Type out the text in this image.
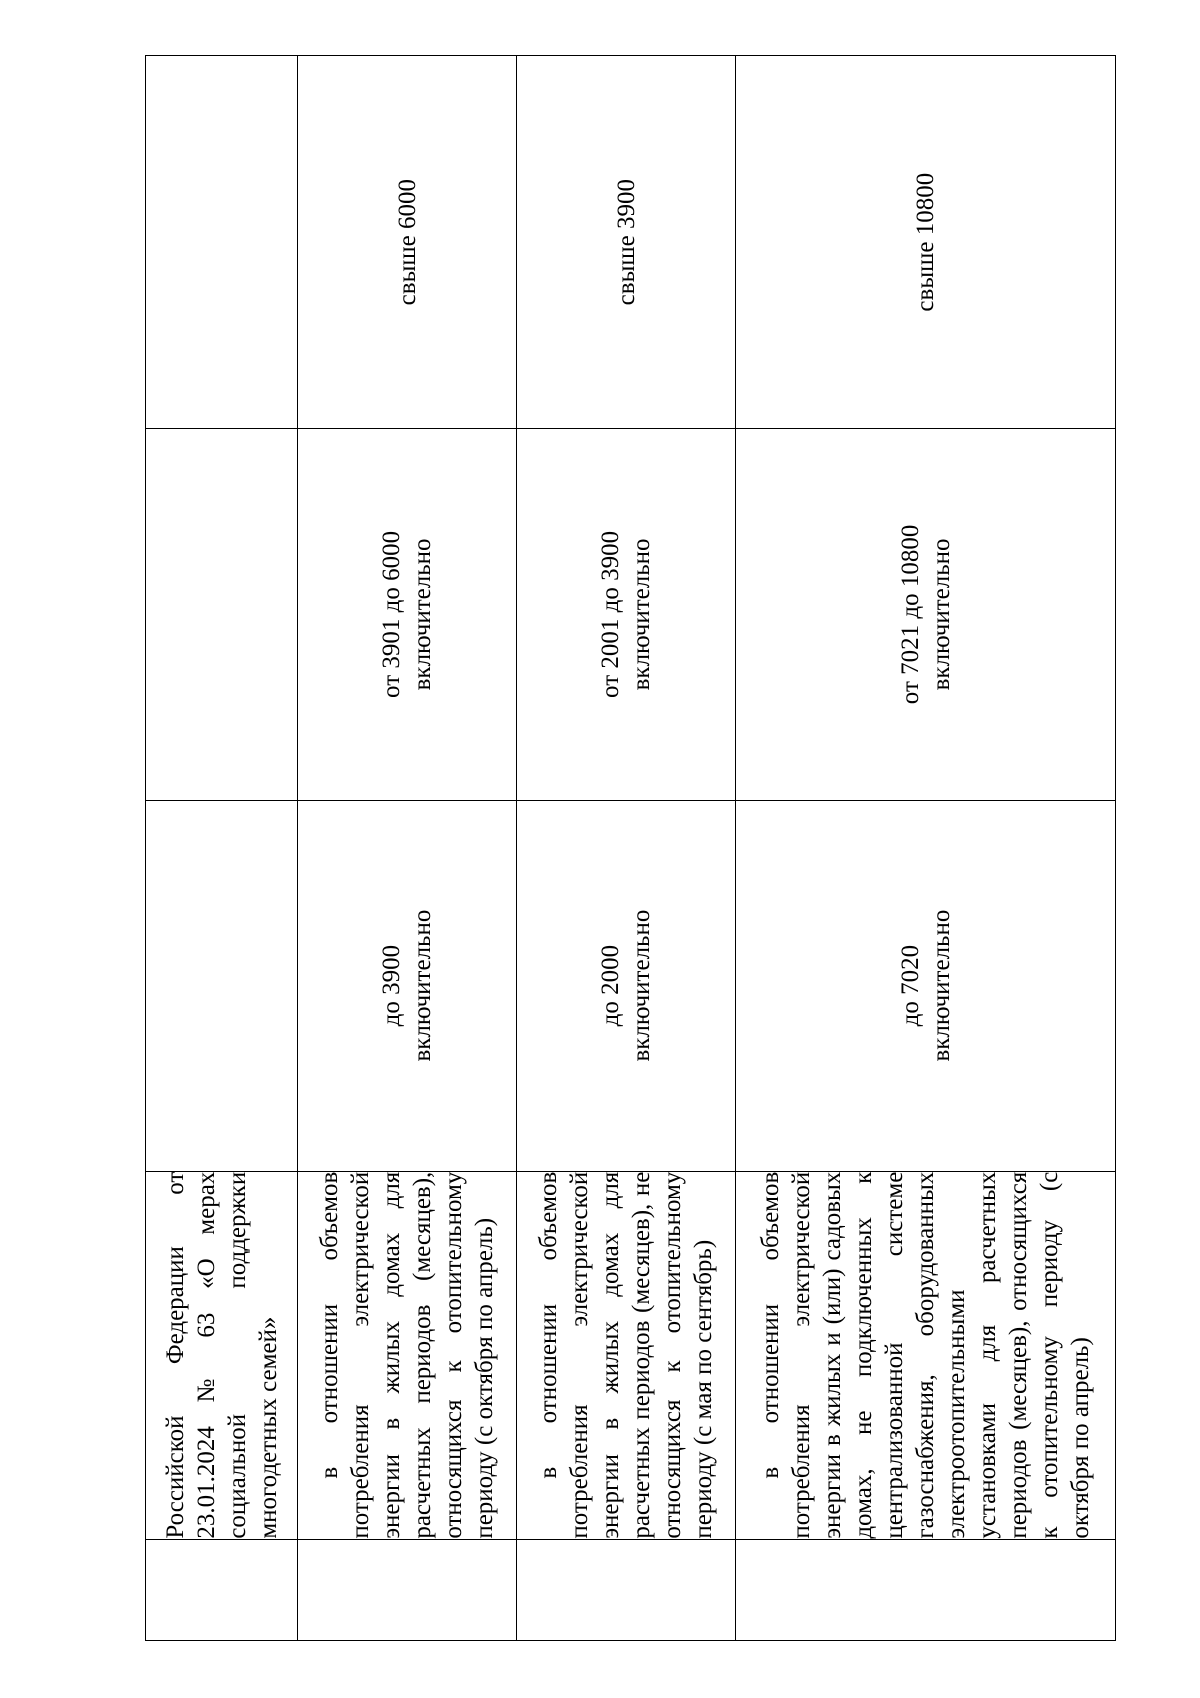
	Российской Федерации от 23.01.2024 № 63 «О мерах социальной поддержки многодетных семей»			

	в отношении объемов потребления электрической энергии в жилых домах для расчетных периодов (месяцев), относящихся к отопительному периоду (с октября по апрель)	до 3900 включительно	от 3901 до 6000 включительно	свыше 6000

	в отношении объемов потребления электрической энергии в жилых домах для расчетных периодов (месяцев), не относящихся к отопительному периоду (с мая по сентябрь)	до 2000 включительно	от 2001 до 3900 включительно	свыше 3900

	в отношении объемов потребления электрической энергии в жилых и (или) садовых домах, не подключенных к централизованной системе газоснабжения, оборудованных электроотопительными установками для расчетных периодов (месяцев), относящихся к отопительному периоду (с октября по апрель)	до 7020 включительно	от 7021 до 10800 включительно	свыше 10800
